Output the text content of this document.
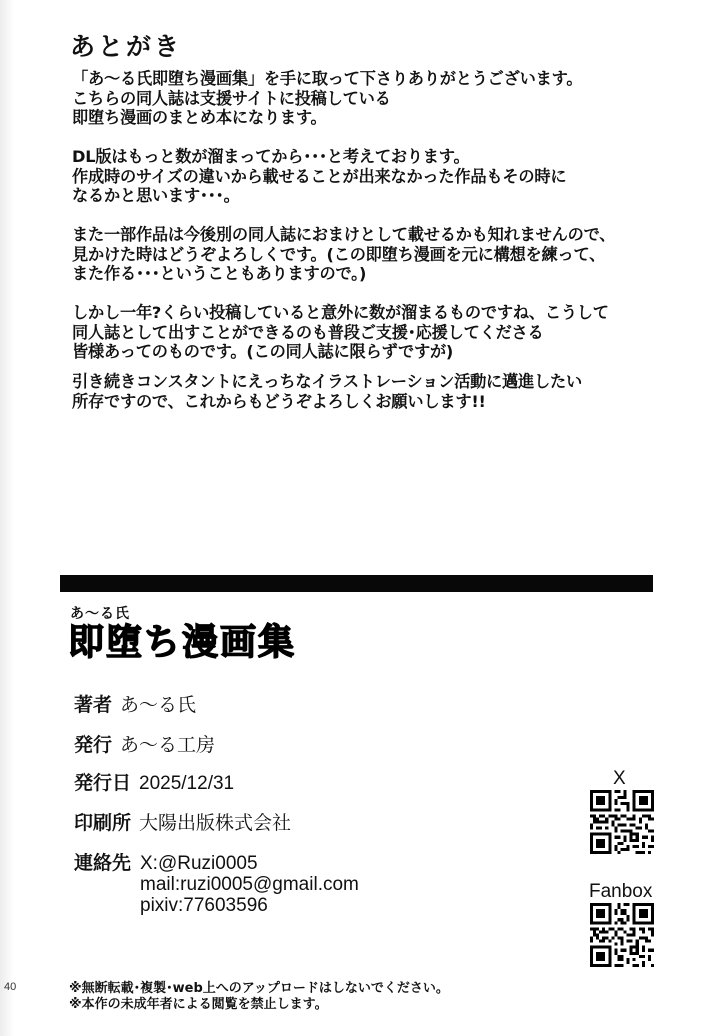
あとがき
「あ～る氏即堕ち漫画集」を手に取って下さりありがとうございます。
こちらの同人誌は支援サイトに投稿している
即堕ち漫画のまとめ本になります。
DL版はもっと数が溜まってから･･･と考えております。
作成時のサイズの違いから載せることが出来なかった作品もその時に
なるかと思います･･･。
また一部作品は今後別の同人誌におまけとして載せるかも知れませんので、
見かけた時はどうぞよろしくです。(この即堕ち漫画を元に構想を練って、
また作る･･･ということもありますので。)
しかし一年?くらい投稿していると意外に数が溜まるものですね、こうして
同人誌として出すことができるのも普段ご支援･応援してくださる
皆様あってのものです。(この同人誌に限らずですが)
引き続きコンスタントにえっちなイラストレーション活動に邁進したい
所存ですので、これからもどうぞよろしくお願いします!!
あ～る氏
即堕ち漫画集
著者 あ～る氏
発行 あ～る工房
発行日 2025/12/31
印刷所 大陽出版株式会社
連絡先 X:@Ruzi0005
mail:ruzi0005@gmail.com
pixiv:77603596
X
Fanbox
40	※無断転載･複製･web上へのアップロードはしないでください。
※本作の未成年者による閲覧を禁止します。
